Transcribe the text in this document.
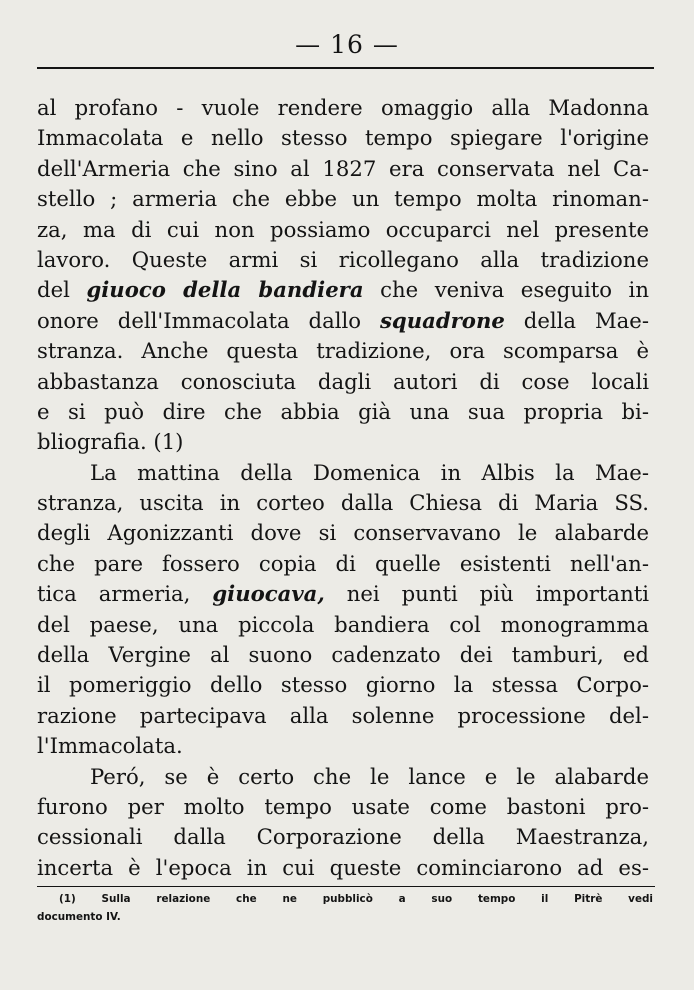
— 16 —
al profano - vuole rendere omaggio alla Madonna
Immacolata e nello stesso tempo spiegare l'origine
dell'Armeria che sino al 1827 era conservata nel Ca-
stello ; armeria che ebbe un tempo molta rinoman-
za, ma di cui non possiamo occuparci nel presente
lavoro. Queste armi si ricollegano alla tradizione
del giuoco della bandiera che veniva eseguito in
onore dell'Immacolata dallo squadrone della Mae-
stranza. Anche questa tradizione, ora scomparsa è
abbastanza conosciuta dagli autori di cose locali
e si può dire che abbia già una sua propria bi-
bliografia. (1)
La mattina della Domenica in Albis la Mae-
stranza, uscita in corteo dalla Chiesa di Maria SS.
degli Agonizzanti dove si conservavano le alabarde
che pare fossero copia di quelle esistenti nell'an-
tica armeria, giuocava, nei punti più importanti
del paese, una piccola bandiera col monogramma
della Vergine al suono cadenzato dei tamburi, ed
il pomeriggio dello stesso giorno la stessa Corpo-
razione partecipava alla solenne processione del-
l'Immacolata.
Peró, se è certo che le lance e le alabarde
furono per molto tempo usate come bastoni pro-
cessionali dalla Corporazione della Maestranza,
incerta è l'epoca in cui queste cominciarono ad es-
(1) Sulla relazione che ne pubblicò a suo tempo il Pitrè vedi
documento IV.
